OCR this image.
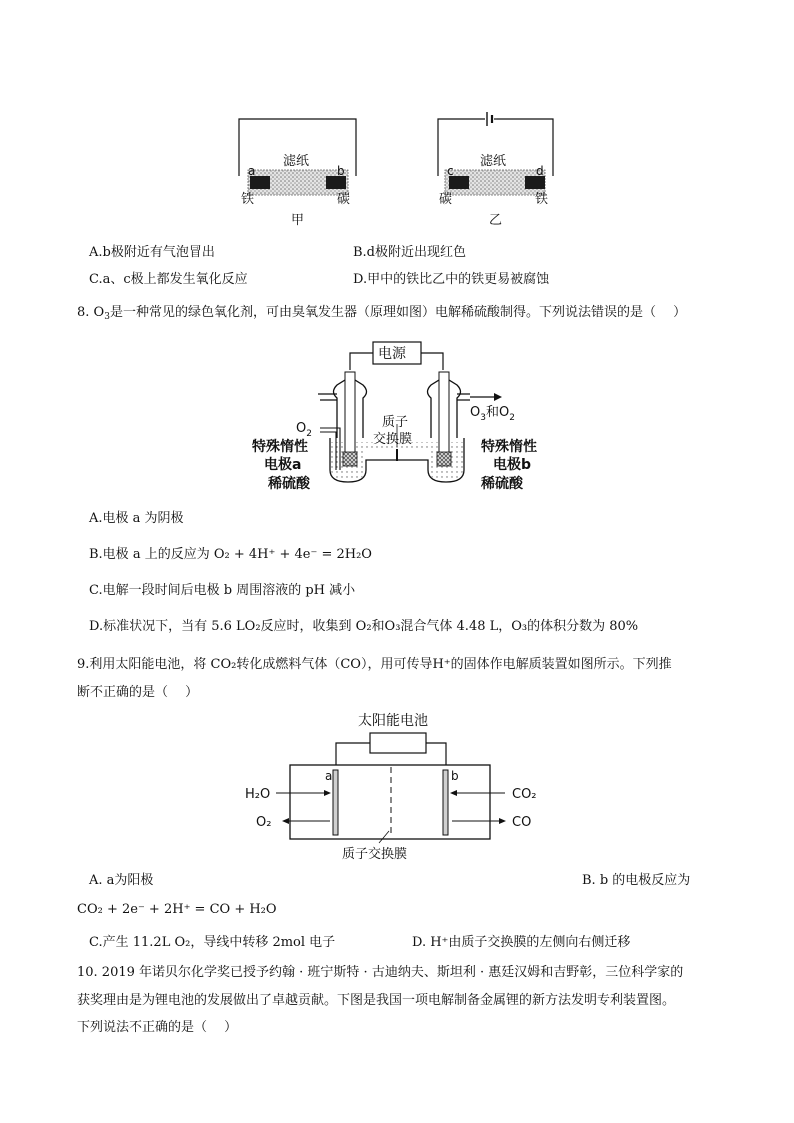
滤纸
a	b
铁	碳
甲
滤纸
c	d
碳	铁
乙
A.b极附近有气泡冒出	B.d极附近出现红色
C.a、c极上都发生氧化反应	D.甲中的铁比乙中的铁更易被腐蚀
8. $O_3$是一种常见的绿色氧化剂，可由臭氧发生器（原理如图）电解稀硫酸制得。下列说法错误的是（　 ）
电源
$O_2$
$O_3$和$O_2$
质子
交换膜
特殊惰性
电极a
特殊惰性
电极b
稀硫酸	稀硫酸
A.电极 a 为阴极
B.电极 a 上的反应为 O₂ + 4H⁺ + 4e⁻ = 2H₂O
C.电解一段时间后电极 b 周围溶液的 pH 减小
D.标准状况下，当有 5.6 LO₂反应时，收集到 O₂和O₃混合气体 4.48 L，O₃的体积分数为 80%
9.利用太阳能电池，将 CO₂转化成燃料气体（CO），用可传导H⁺的固体作电解质装置如图所示。下列推
断不正确的是（　 ）
太阳能电池
a	b
H₂O
O₂
CO₂
CO
质子交换膜
A. a为阳极	B. b 的电极反应为
CO₂ + 2e⁻ + 2H⁺ = CO + H₂O
C.产生 11.2L O₂，导线中转移 2mol 电子	D. H⁺由质子交换膜的左侧向右侧迁移
10. 2019 年诺贝尔化学奖已授予约翰 · 班宁斯特 · 古迪纳夫、斯坦利 · 惠廷汉姆和吉野彰，三位科学家的
获奖理由是为锂电池的发展做出了卓越贡献。下图是我国一项电解制备金属锂的新方法发明专利装置图。
下列说法不正确的是（　 ）
